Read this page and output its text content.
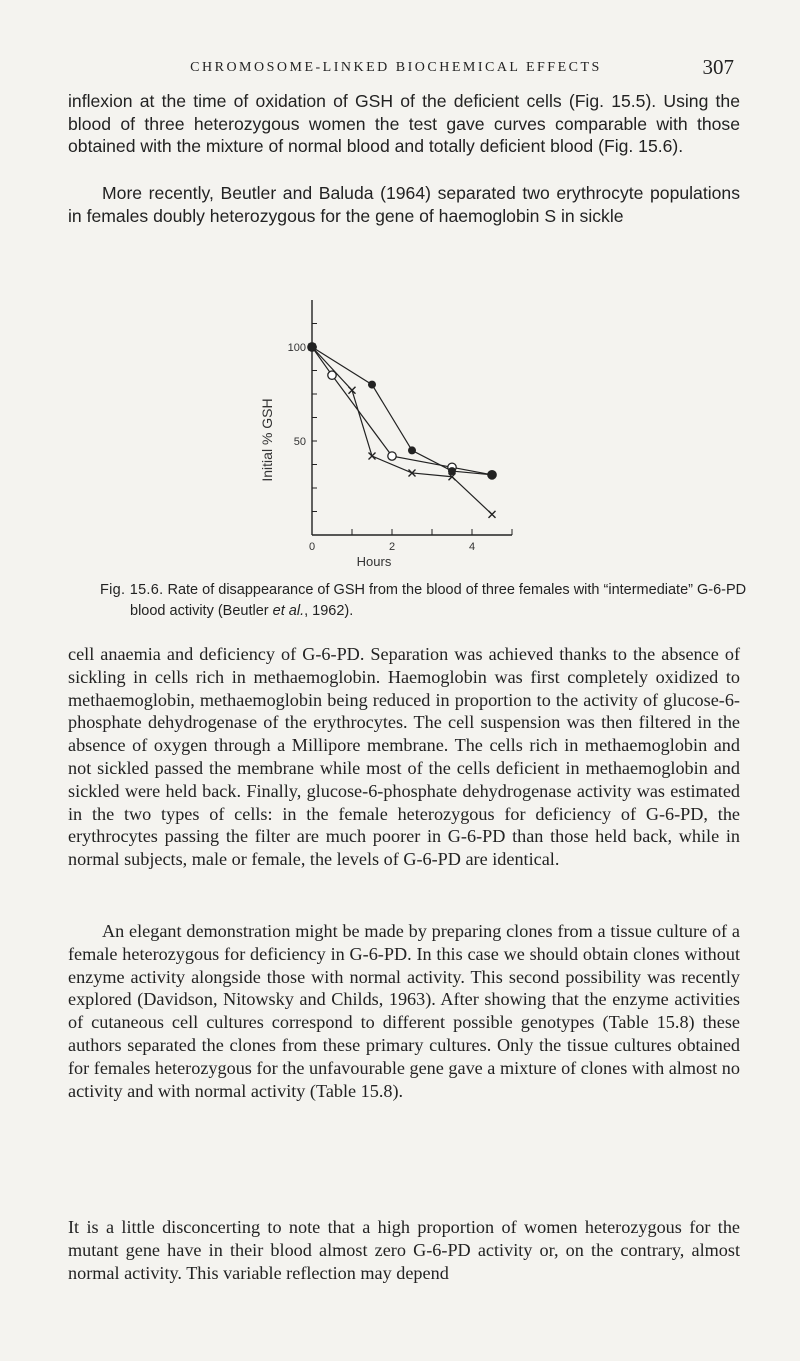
CHROMOSOME-LINKED BIOCHEMICAL EFFECTS	307

inflexion at the time of oxidation of GSH of the deficient cells (Fig. 15.5). Using the blood of three heterozygous women the test gave curves comparable with those obtained with the mixture of normal blood and totally deficient blood (Fig. 15.6).

More recently, Beutler and Baluda (1964) separated two erythrocyte populations in females doubly heterozygous for the gene of haemoglobin S in sickle

100
50
0	2	4
Initial % GSH
Hours

Fig. 15.6. Rate of disappearance of GSH from the blood of three females with “intermediate” G-6-PD blood activity (Beutler et al., 1962).

cell anaemia and deficiency of G-6-PD. Separation was achieved thanks to the absence of sickling in cells rich in methaemoglobin. Haemoglobin was first completely oxidized to methaemoglobin, methaemoglobin being reduced in proportion to the activity of glucose-6-phosphate dehydrogenase of the erythrocytes. The cell suspension was then filtered in the absence of oxygen through a Millipore membrane. The cells rich in methaemoglobin and not sickled passed the membrane while most of the cells deficient in methaemoglobin and sickled were held back. Finally, glucose-6-phosphate dehydrogenase activity was estimated in the two types of cells: in the female heterozygous for deficiency of G-6-PD, the erythrocytes passing the filter are much poorer in G-6-PD than those held back, while in normal subjects, male or female, the levels of G-6-PD are identical.

An elegant demonstration might be made by preparing clones from a tissue culture of a female heterozygous for deficiency in G-6-PD. In this case we should obtain clones without enzyme activity alongside those with normal activity. This second possibility was recently explored (Davidson, Nitowsky and Childs, 1963). After showing that the enzyme activities of cutaneous cell cultures correspond to different possible genotypes (Table 15.8) these authors separated the clones from these primary cultures. Only the tissue cultures obtained for females heterozygous for the unfavourable gene gave a mixture of clones with almost no activity and with normal activity (Table 15.8).

It is a little disconcerting to note that a high proportion of women heterozygous for the mutant gene have in their blood almost zero G-6-PD activity or, on the contrary, almost normal activity. This variable reflection may depend
